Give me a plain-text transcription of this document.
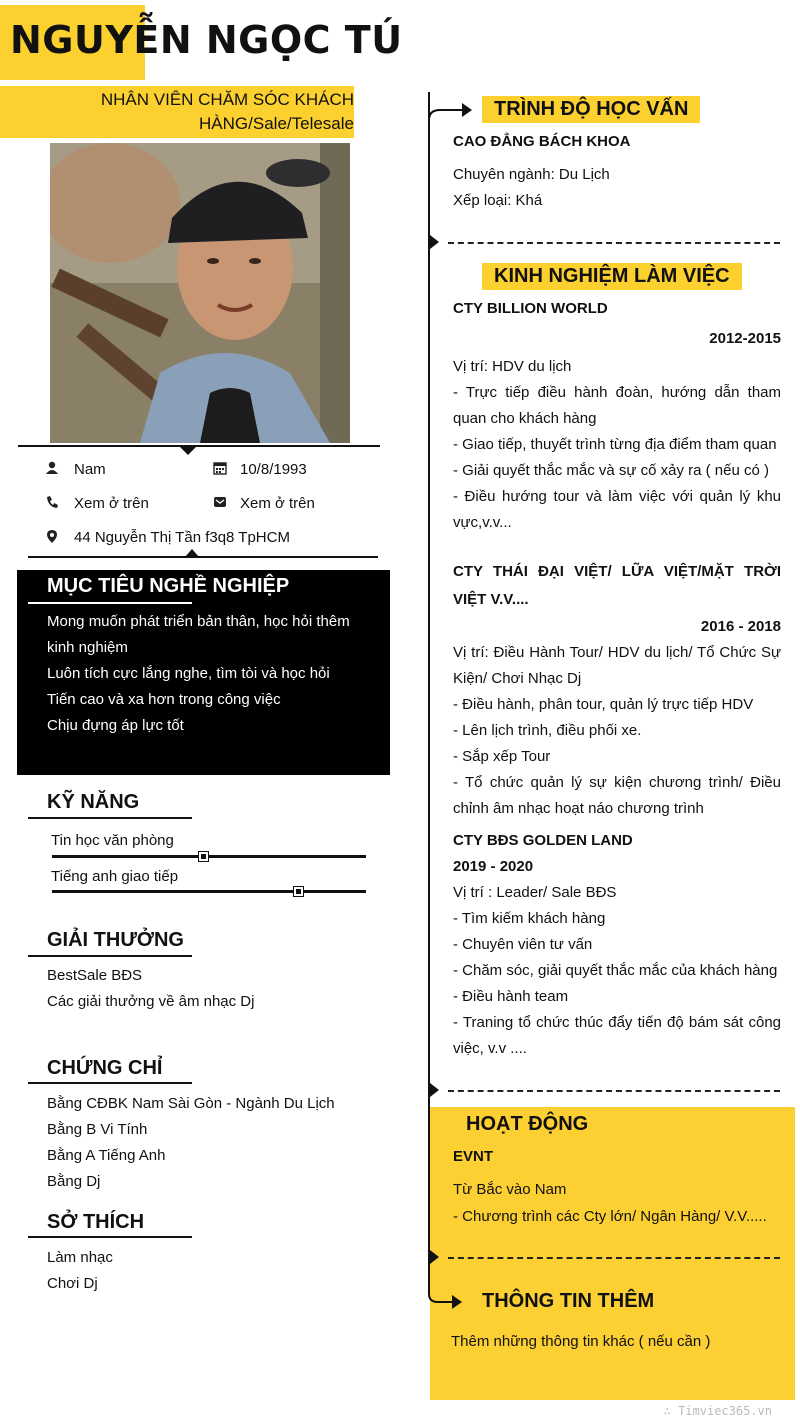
NGUYỄN NGỌC TÚ
NHÂN VIÊN CHĂM SÓC KHÁCH
HÀNG/Sale/Telesale
Nam	10/8/1993
Xem ở trên	Xem ở trên
44 Nguyễn Thị Tần f3q8 TpHCM
MỤC TIÊU NGHỀ NGHIỆP
Mong muốn phát triển bản thân, học hỏi thêm
kinh nghiệm
Luôn tích cực lắng nghe, tìm tòi và học hỏi
Tiến cao và xa hơn trong công việc
Chịu đựng áp lực tốt
KỸ NĂNG
Tin học văn phòng
Tiếng anh giao tiếp
GIẢI THƯỞNG
BestSale BĐS
Các giải thưởng về âm nhạc Dj
CHỨNG CHỈ
Bằng CĐBK Nam Sài Gòn - Ngành Du Lịch
Bằng B Vi Tính
Bằng A Tiếng Anh
Bằng Dj
SỞ THÍCH
Làm nhạc
Chơi Dj
TRÌNH ĐỘ HỌC VẤN
CAO ĐẲNG BÁCH KHOA
Chuyên ngành: Du Lịch
Xếp loại: Khá
KINH NGHIỆM LÀM VIỆC
CTY BILLION WORLD
2012-2015
Vị trí: HDV du lịch
- Trực tiếp điều hành đoàn, hướng dẫn tham quan cho khách hàng
- Giao tiếp, thuyết trình từng địa điểm tham quan
- Giải quyết thắc mắc và sự cố xảy ra ( nếu có )
- Điều hướng tour và làm việc với quản lý khu vực,v.v...
CTY THÁI ĐẠI VIỆT/ LỮA VIỆT/MẶT TRỜI VIỆT V.V....
2016 - 2018
Vị trí: Điều Hành Tour/ HDV du lịch/ Tổ Chức Sự Kiện/ Chơi Nhạc Dj
- Điều hành, phân tour, quản lý trực tiếp HDV
- Lên lịch trình, điều phối xe.
- Sắp xếp Tour
- Tổ chức quản lý sự kiện chương trình/ Điều chỉnh âm nhạc hoạt náo chương trình
CTY BĐS GOLDEN LAND
2019 - 2020
Vị trí : Leader/ Sale BĐS
- Tìm kiếm khách hàng
- Chuyên viên tư vấn
- Chăm sóc, giải quyết thắc mắc của khách hàng
- Điều hành team
- Traning tổ chức thúc đẩy tiến độ bám sát công việc, v.v ....
HOẠT ĐỘNG
EVNT
Từ Bắc vào Nam
- Chương trình các Cty lớn/ Ngân Hàng/ V.V.....
THÔNG TIN THÊM
Thêm những thông tin khác ( nếu cần )
∴ Timviec365.vn
